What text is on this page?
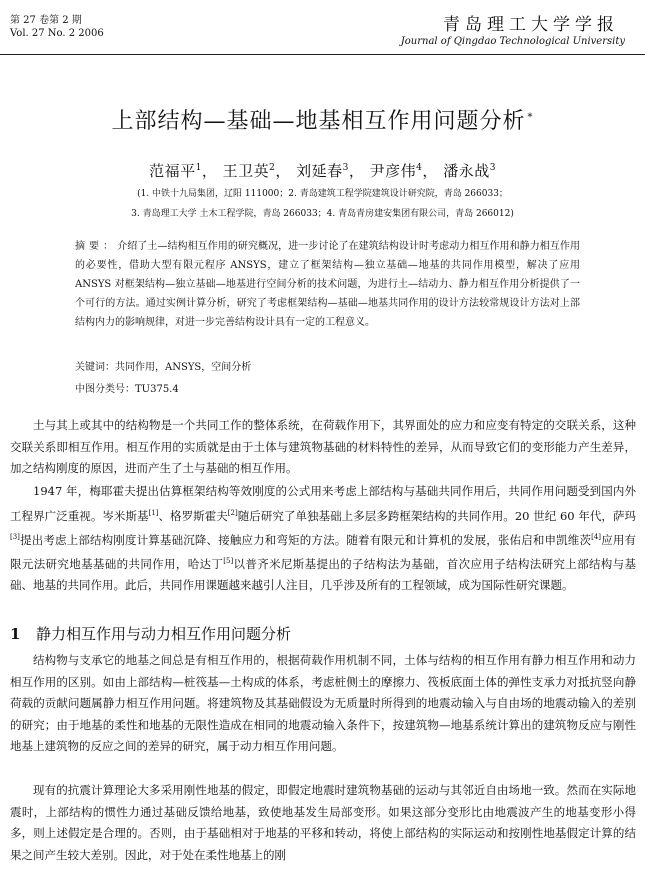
第 27 卷第 2 期
Vol. 27 No. 2 2006	青岛理工大学学报
Journal of Qingdao Technological University
上部结构—基础—地基相互作用问题分析 *
范福平$^1$， 王卫英$^2$， 刘延春$^3$， 尹彦伟$^4$， 潘永战$^3$
(1. 中铁十九局集团，辽阳 111000；2. 青岛建筑工程学院建筑设计研究院，青岛 266033；
3. 青岛理工大学 土木工程学院，青岛 266033；4. 青岛青房建安集团有限公司，青岛 266012)
摘要：介绍了土—结构相互作用的研究概况，进一步讨论了在建筑结构设计时考虑动力相互作用和静力相互作用的必要性，借助大型有限元程序 ANSYS，建立了框架结构—独立基础—地基的共同作用模型，解决了应用 ANSYS 对框架结构—独立基础—地基进行空间分析的技术问题，为进行土—结动力、静力相互作用分析提供了一个可行的方法。通过实例计算分析，研究了考虑框架结构—基础—地基共同作用的设计方法较常规设计方法对上部结构内力的影响规律，对进一步完善结构设计具有一定的工程意义。
关键词：共同作用，ANSYS，空间分析
中图分类号：TU375.4
土与其上或其中的结构物是一个共同工作的整体系统，在荷载作用下，其界面处的应力和应变有特定的交联关系，这种交联关系即相互作用。相互作用的实质就是由于土体与建筑物基础的材料特性的差异，从而导致它们的变形能力产生差异，加之结构刚度的原因，进而产生了土与基础的相互作用。
1947 年，梅耶霍夫提出估算框架结构等效刚度的公式用来考虑上部结构与基础共同作用后，共同作用问题受到国内外工程界广泛重视。岑米斯基[1]、格罗斯霍夫[2]随后研究了单独基础上多层多跨框架结构的共同作用。20 世纪 60 年代，萨玛[3]提出考虑上部结构刚度计算基础沉降、接触应力和弯矩的方法。随着有限元和计算机的发展，张佑启和申凯维茨[4]应用有限元法研究地基基础的共同作用，哈达丁[5]以普齐米尼斯基提出的子结构法为基础，首次应用子结构法研究上部结构与基础、地基的共同作用。此后，共同作用课题越来越引人注目，几乎涉及所有的工程领域，成为国际性研究课题。
1 静力相互作用与动力相互作用问题分析
结构物与支承它的地基之间总是有相互作用的，根据荷载作用机制不同，土体与结构的相互作用有静力相互作用和动力相互作用的区别。如由上部结构—桩筏基—土构成的体系，考虑桩侧土的摩擦力、筏板底面土体的弹性支承力对抵抗竖向静荷载的贡献问题属静力相互作用问题。将建筑物及其基础假设为无质量时所得到的地震动输入与自由场的地震动输入的差别的研究；由于地基的柔性和地基的无限性造成在相同的地震动输入条件下，按建筑物—地基系统计算出的建筑物反应与刚性地基上建筑物的反应之间的差异的研究，属于动力相互作用问题。
现有的抗震计算理论大多采用刚性地基的假定，即假定地震时建筑物基础的运动与其邻近自由场地一致。然而在实际地震时，上部结构的惯性力通过基础反馈给地基，致使地基发生局部变形。如果这部分变形比由地震波产生的地基变形小得多，则上述假定是合理的。否则，由于基础相对于地基的平移和转动，将使上部结构的实际运动和按刚性地基假定计算的结果之间产生较大差别。因此，对于处在柔性地基上的刚
